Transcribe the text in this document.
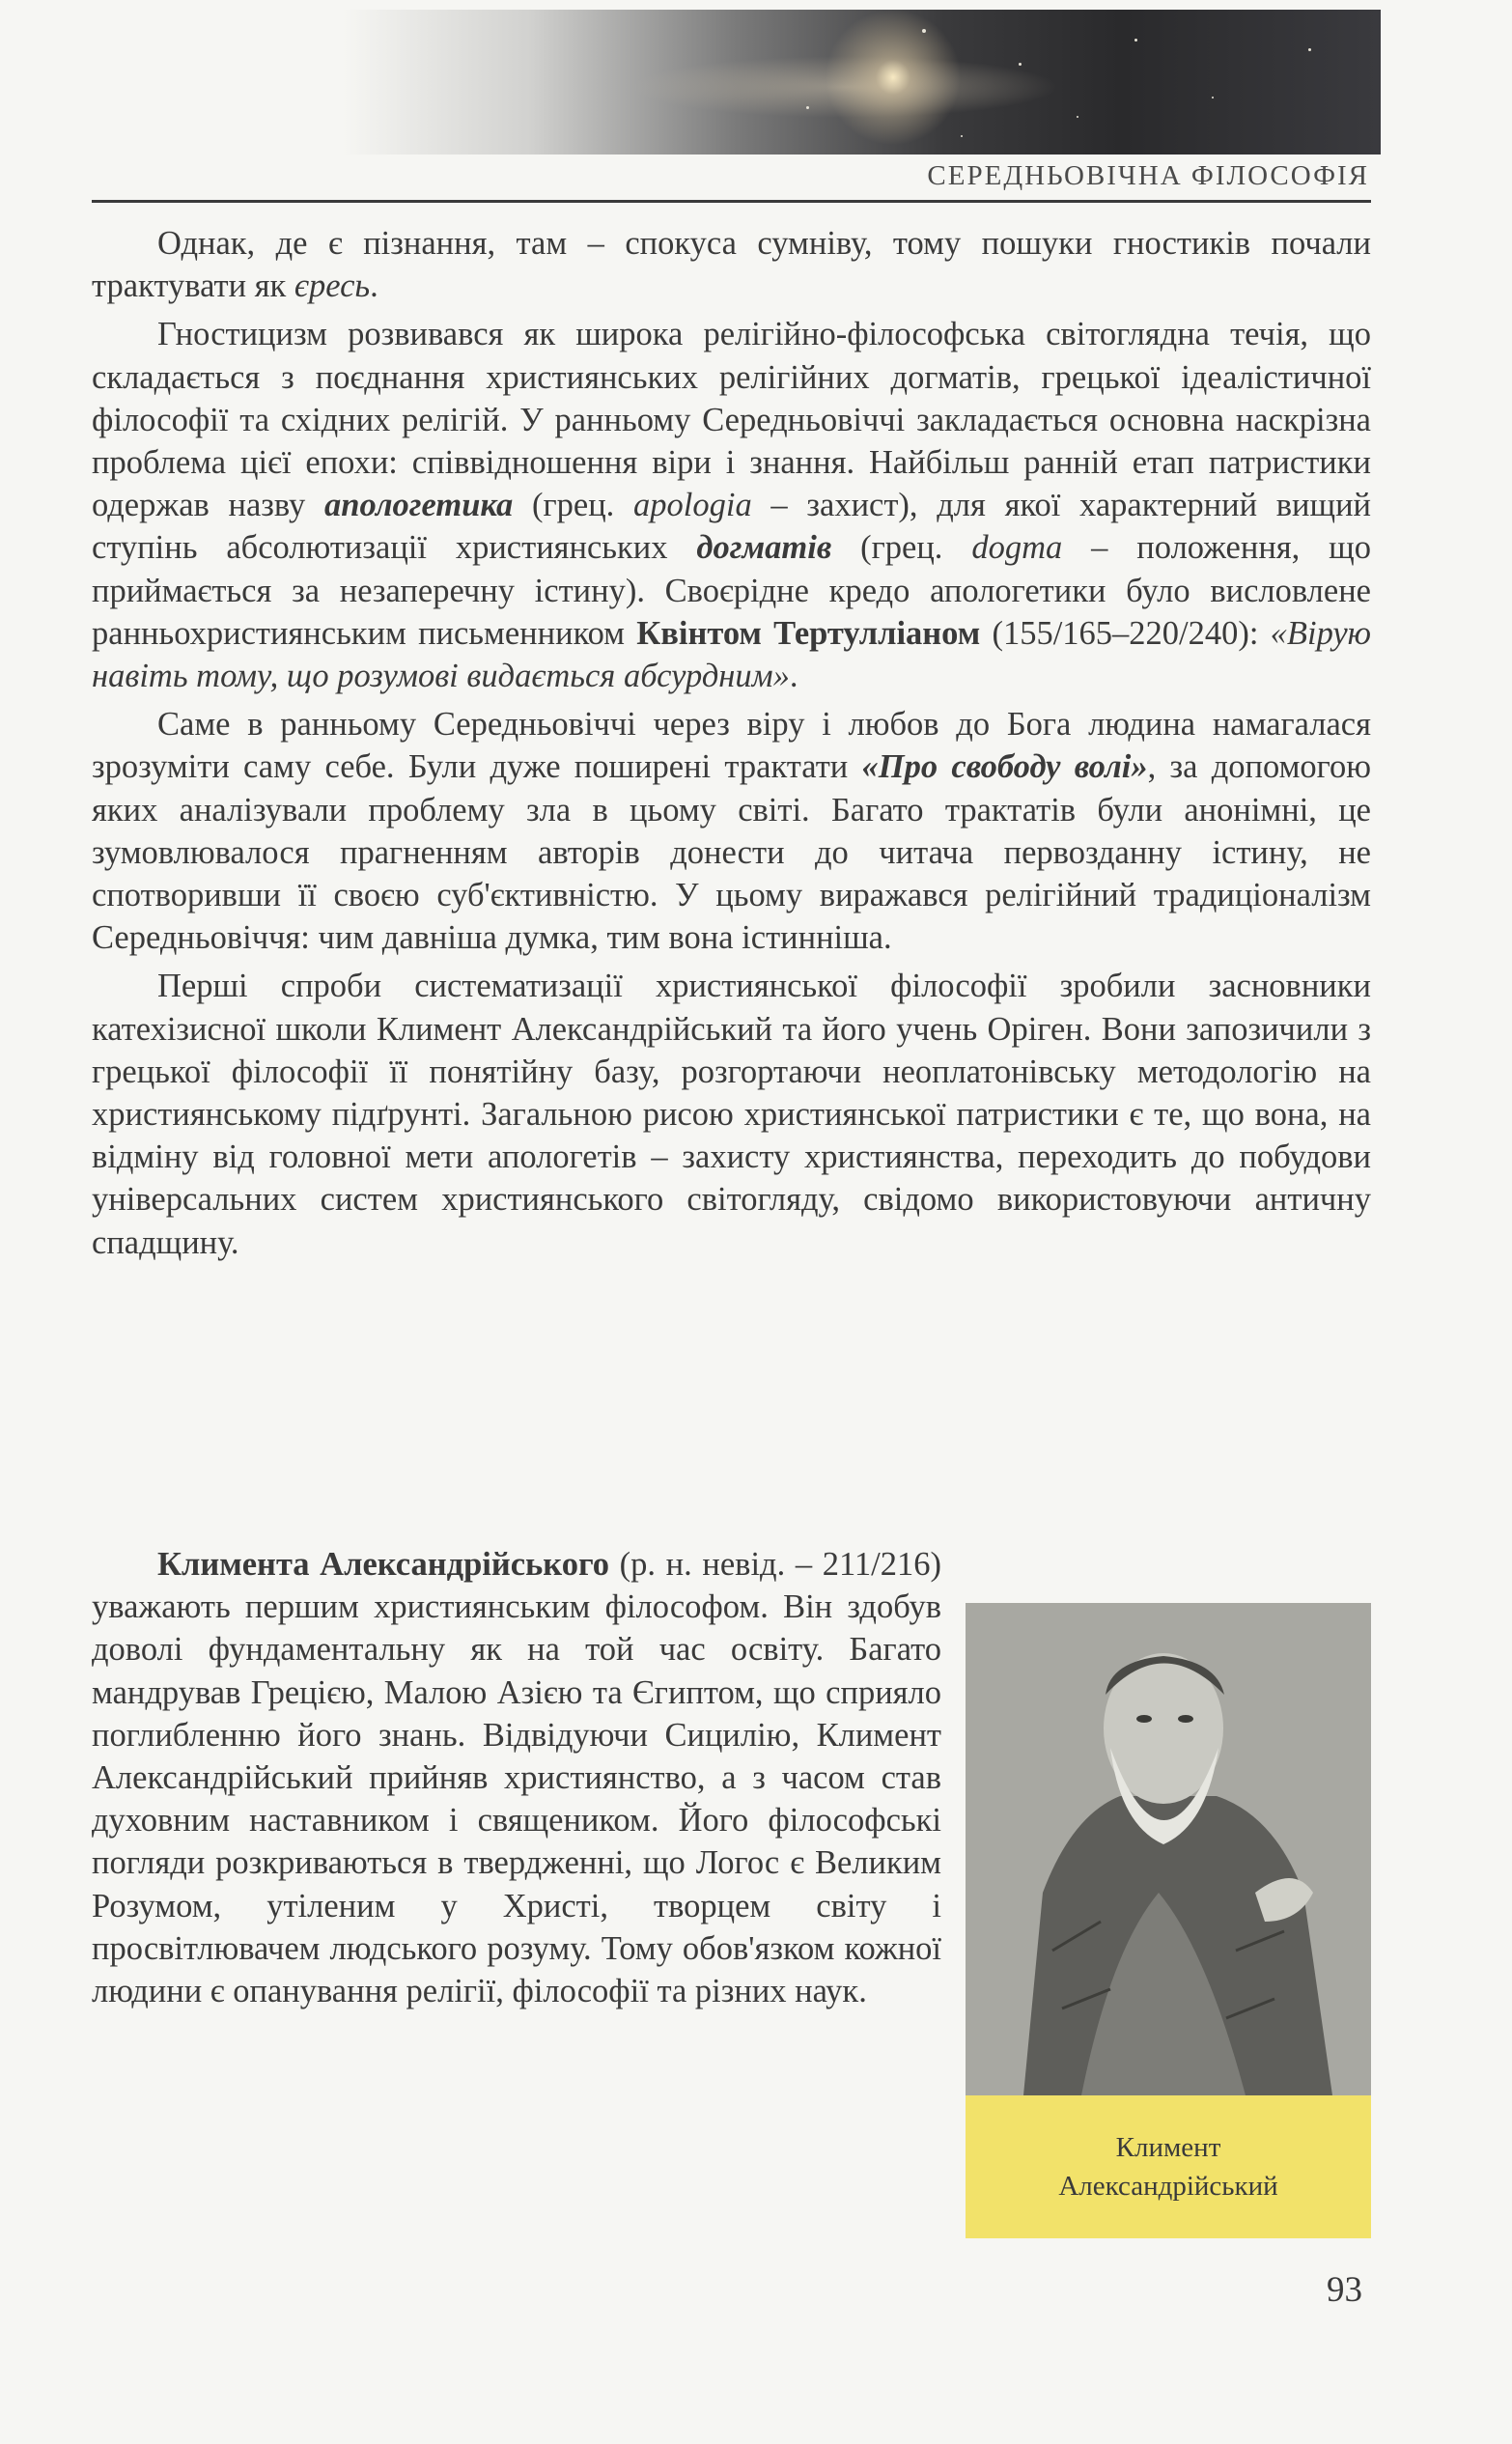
СЕРЕДНЬОВІЧНА ФІЛОСОФІЯ

Однак, де є пізнання, там – спокуса сумніву, тому пошуки гностиків почали трактувати як єресь.

Гностицизм розвивався як широка релігійно-філософська світоглядна течія, що складається з поєднання християнських релігійних догматів, грецької ідеалістичної філософії та східних релігій. У ранньому Середньовіччі закладається основна наскрізна проблема цієї епохи: співвідношення віри і знання. Найбільш ранній етап патристики одержав назву апологетика (грец. apologia – захист), для якої характерний вищий ступінь абсолютизації християнських догматів (грец. dogma – положення, що приймається за незаперечну істину). Своєрідне кредо апологетики було висловлене ранньохристиянським письменником Квінтом Тертулліаном (155/165–220/240): «Вірую навіть тому, що розумові видається абсурдним».

Саме в ранньому Середньовіччі через віру і любов до Бога людина намагалася зрозуміти саму себе. Були дуже поширені трактати «Про свободу волі», за допомогою яких аналізували проблему зла в цьому світі. Багато трактатів були анонімні, це зумовлювалося прагненням авторів донести до читача первозданну істину, не спотворивши її своєю суб'єктивністю. У цьому виражався релігійний традиціоналізм Середньовіччя: чим давніша думка, тим вона істинніша.

Перші спроби систематизації християнської філософії зробили засновники катехізисної школи Климент Александрійський та його учень Оріген. Вони запозичили з грецької філософії її понятійну базу, розгортаючи неоплатонівську методологію на християнському підґрунті. Загальною рисою християнської патристики є те, що вона, на відміну від головної мети апологетів – захисту християнства, переходить до побудови універсальних систем християнського світогляду, свідомо використовуючи античну спадщину.

Климент
Александрійський

Климента Александрійського (р. н. невід. – 211/216) уважають першим християнським філософом. Він здобув доволі фундаментальну як на той час освіту. Багато мандрував Грецією, Малою Азією та Єгиптом, що сприяло поглибленню його знань. Відвідуючи Сицилію, Климент Александрійський прийняв християнство, а з часом став духовним наставником і священиком. Його філософські погляди розкриваються в твердженні, що Логос є Великим Розумом, утіленим у Христі, творцем світу і просвітлювачем людського розуму. Тому обов'язком кожної людини є опанування релігії, філософії та різних наук.

93
